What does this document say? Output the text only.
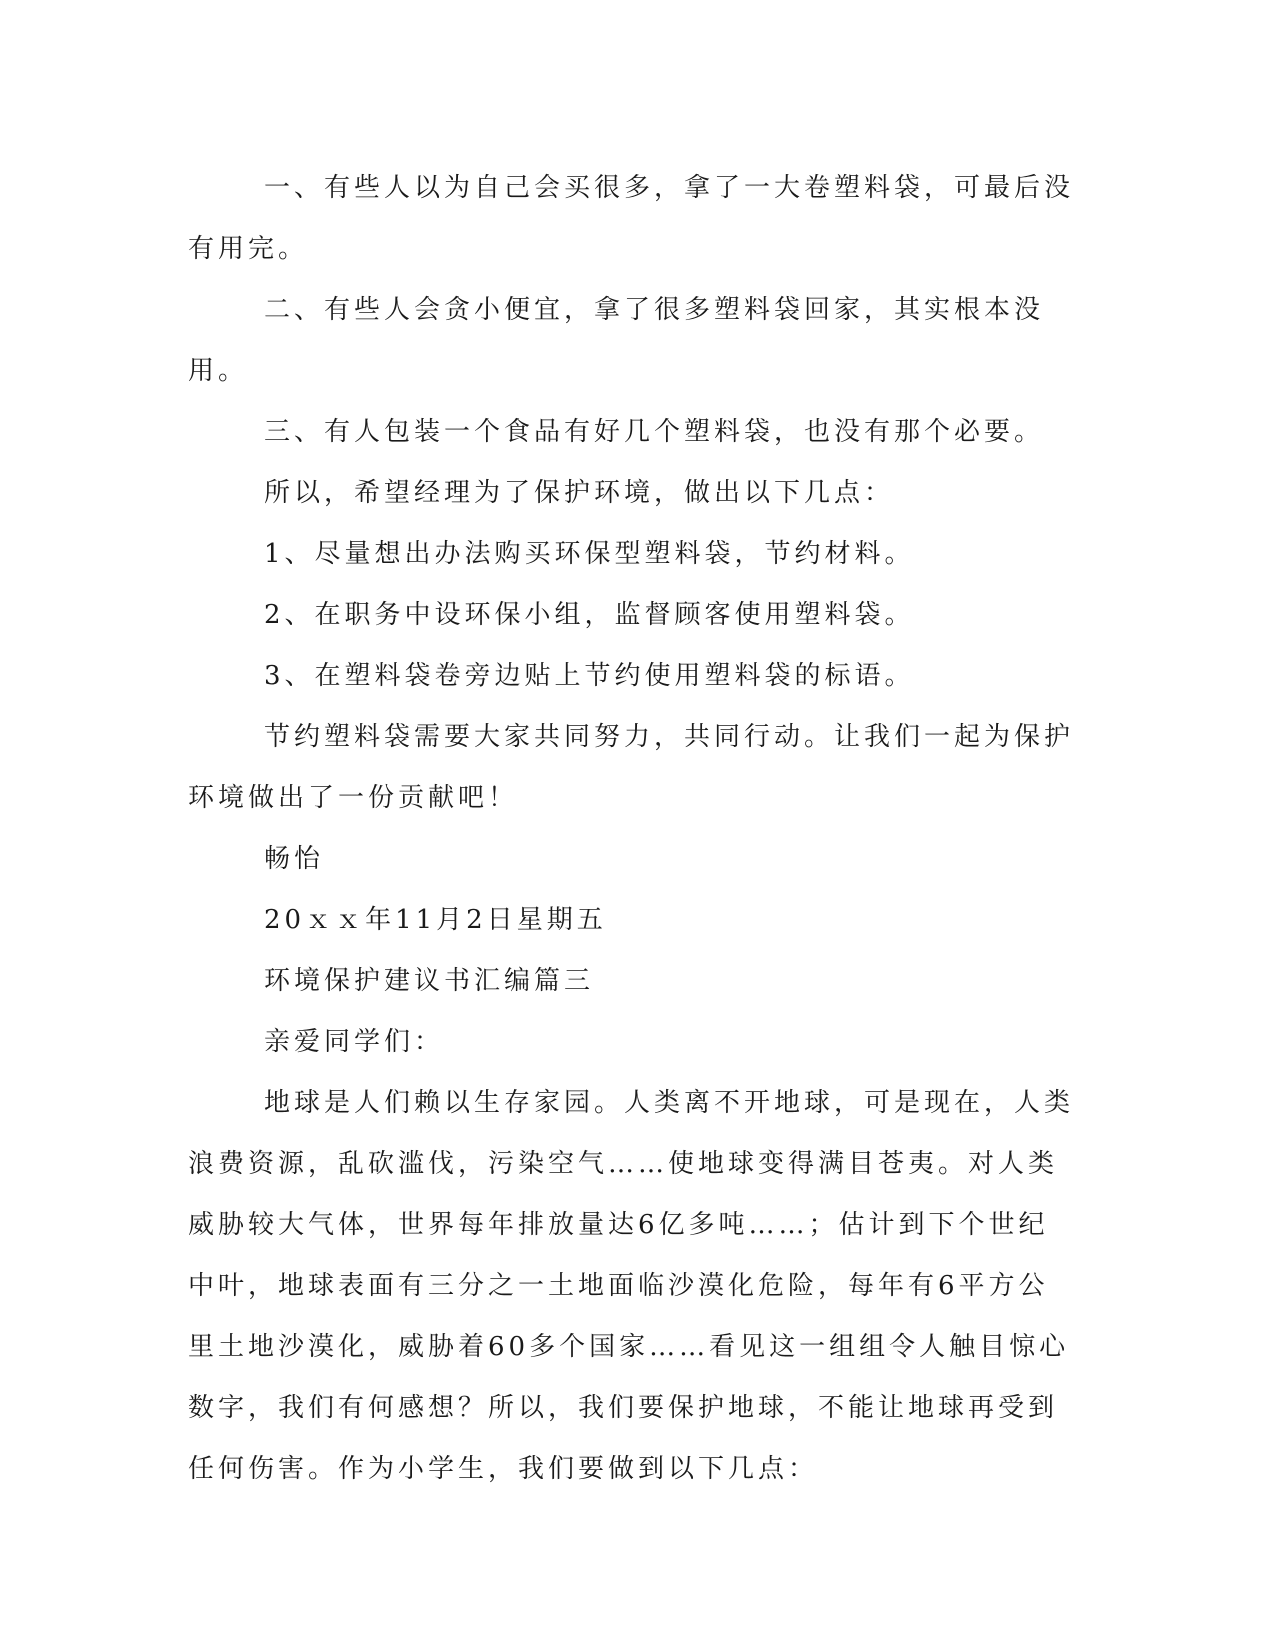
一、有些人以为自己会买很多，拿了一大卷塑料袋，可最后没有用完。

二、有些人会贪小便宜，拿了很多塑料袋回家，其实根本没用。

三、有人包装一个食品有好几个塑料袋，也没有那个必要。

所以，希望经理为了保护环境，做出以下几点：

1、尽量想出办法购买环保型塑料袋，节约材料。

2、在职务中设环保小组，监督顾客使用塑料袋。

3、在塑料袋卷旁边贴上节约使用塑料袋的标语。

节约塑料袋需要大家共同努力，共同行动。让我们一起为保护环境做出了一份贡献吧！

畅怡

20ｘｘ年11月2日星期五

环境保护建议书汇编篇三

亲爱同学们：

地球是人们赖以生存家园。人类离不开地球，可是现在，人类浪费资源，乱砍滥伐，污染空气……使地球变得满目苍夷。对人类威胁较大气体，世界每年排放量达6亿多吨……；估计到下个世纪中叶，地球表面有三分之一土地面临沙漠化危险，每年有6平方公里土地沙漠化，威胁着60多个国家……看见这一组组令人触目惊心数字，我们有何感想？所以，我们要保护地球，不能让地球再受到任何伤害。作为小学生，我们要做到以下几点：
